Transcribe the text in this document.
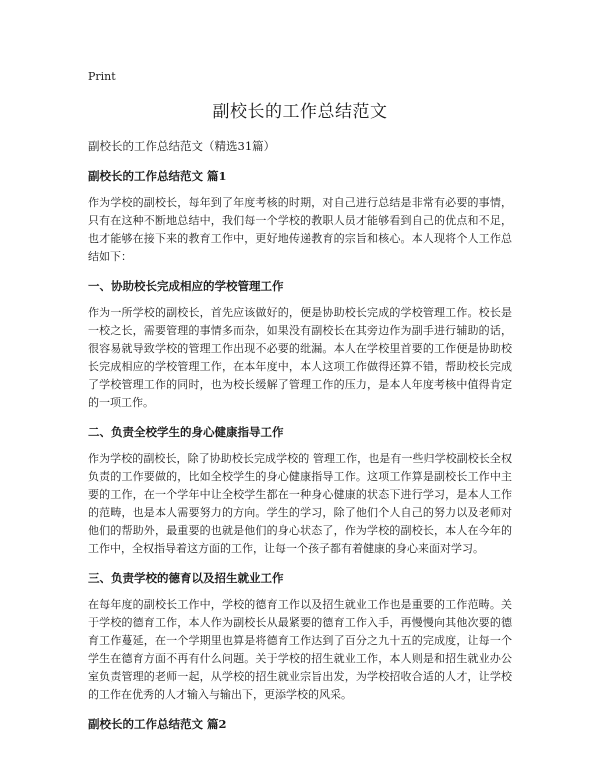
Print
副校长的工作总结范文
副校长的工作总结范文（精选31篇）
副校长的工作总结范文 篇1

作为学校的副校长，每年到了年度考核的时期，对自己进行总结是非常有必要的事情，只有在这种不断地总结中，我们每一个学校的教职人员才能够看到自己的优点和不足，也才能够在接下来的教育工作中，更好地传递教育的宗旨和核心。本人现将个人工作总结如下：

一、协助校长完成相应的学校管理工作

作为一所学校的副校长，首先应该做好的，便是协助校长完成的学校管理工作。校长是一校之长，需要管理的事情多而杂，如果没有副校长在其旁边作为副手进行辅助的话，很容易就导致学校的管理工作出现不必要的纰漏。本人在学校里首要的工作便是协助校长完成相应的学校管理工作，在本年度中，本人这项工作做得还算不错，帮助校长完成了学校管理工作的同时，也为校长缓解了管理工作的压力，是本人年度考核中值得肯定的一项工作。

二、负责全校学生的身心健康指导工作

作为学校的副校长，除了协助校长完成学校的 管理工作，也是有一些归学校副校长全权负责的工作要做的，比如全校学生的身心健康指导工作。这项工作算是副校长工作中主要的工作，在一个学年中让全校学生都在一种身心健康的状态下进行学习，是本人工作的范畴，也是本人需要努力的方向。学生的学习，除了他们个人自己的努力以及老师对他们的帮助外，最重要的也就是他们的身心状态了，作为学校的副校长，本人在今年的工作中，全权指导着这方面的工作，让每一个孩子都有着健康的身心来面对学习。

三、负责学校的德育以及招生就业工作

在每年度的副校长工作中，学校的德育工作以及招生就业工作也是重要的工作范畴。关于学校的德育工作，本人作为副校长从最紧要的德育工作入手，再慢慢向其他次要的德育工作蔓延，在一个学期里也算是将德育工作达到了百分之九十五的完成度，让每一个学生在德育方面不再有什么问题。关于学校的招生就业工作，本人则是和招生就业办公室负责管理的老师一起，从学校的招生就业宗旨出发，为学校招收合适的人才，让学校的工作在优秀的人才输入与输出下，更添学校的风采。

副校长的工作总结范文 篇2
